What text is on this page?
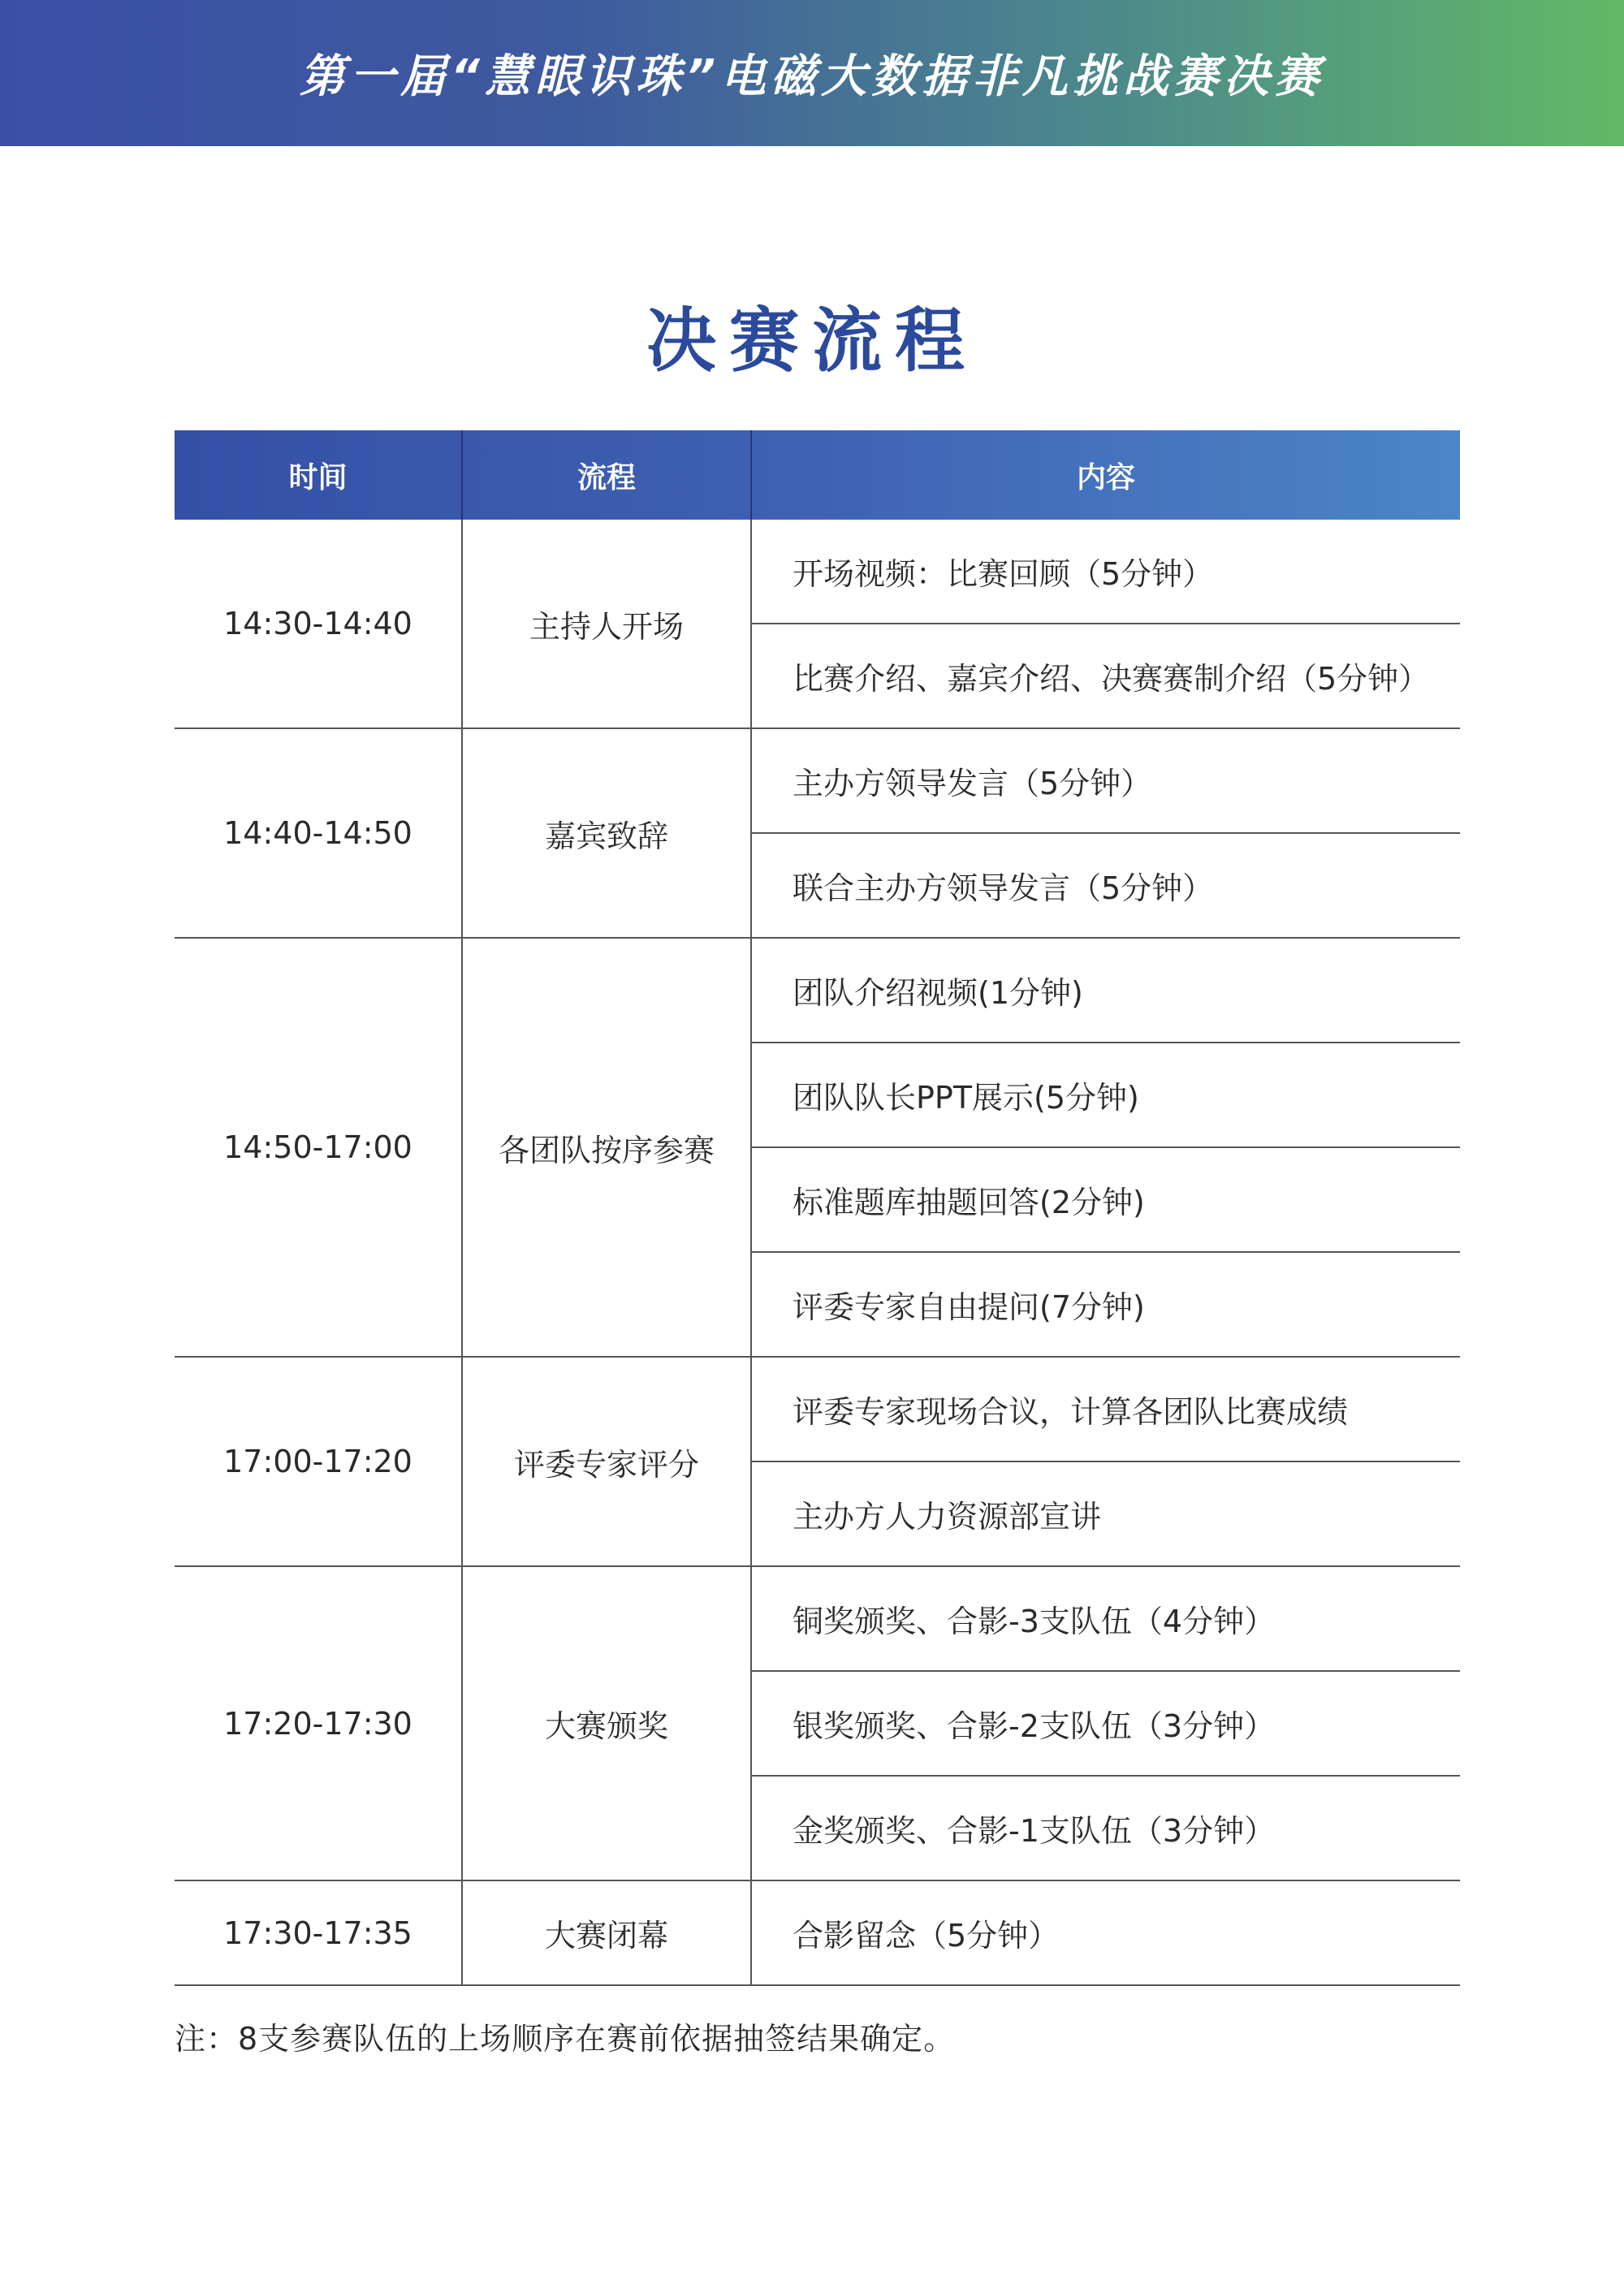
第一届“慧眼识珠”电磁大数据非凡挑战赛决赛
决赛流程
时间	流程	内容
14:30-14:40	主持人开场	开场视频：比赛回顾（5分钟）
		比赛介绍、嘉宾介绍、决赛赛制介绍（5分钟）
14:40-14:50	嘉宾致辞	主办方领导发言（5分钟）
		联合主办方领导发言（5分钟）
14:50-17:00	各团队按序参赛	团队介绍视频(1分钟)
		团队队长PPT展示(5分钟)
		标准题库抽题回答(2分钟)
		评委专家自由提问(7分钟)
17:00-17:20	评委专家评分	评委专家现场合议，计算各团队比赛成绩
		主办方人力资源部宣讲
17:20-17:30	大赛颁奖	铜奖颁奖、合影-3支队伍（4分钟）
		银奖颁奖、合影-2支队伍（3分钟）
		金奖颁奖、合影-1支队伍（3分钟）
17:30-17:35	大赛闭幕	合影留念（5分钟）
注：8支参赛队伍的上场顺序在赛前依据抽签结果确定。
